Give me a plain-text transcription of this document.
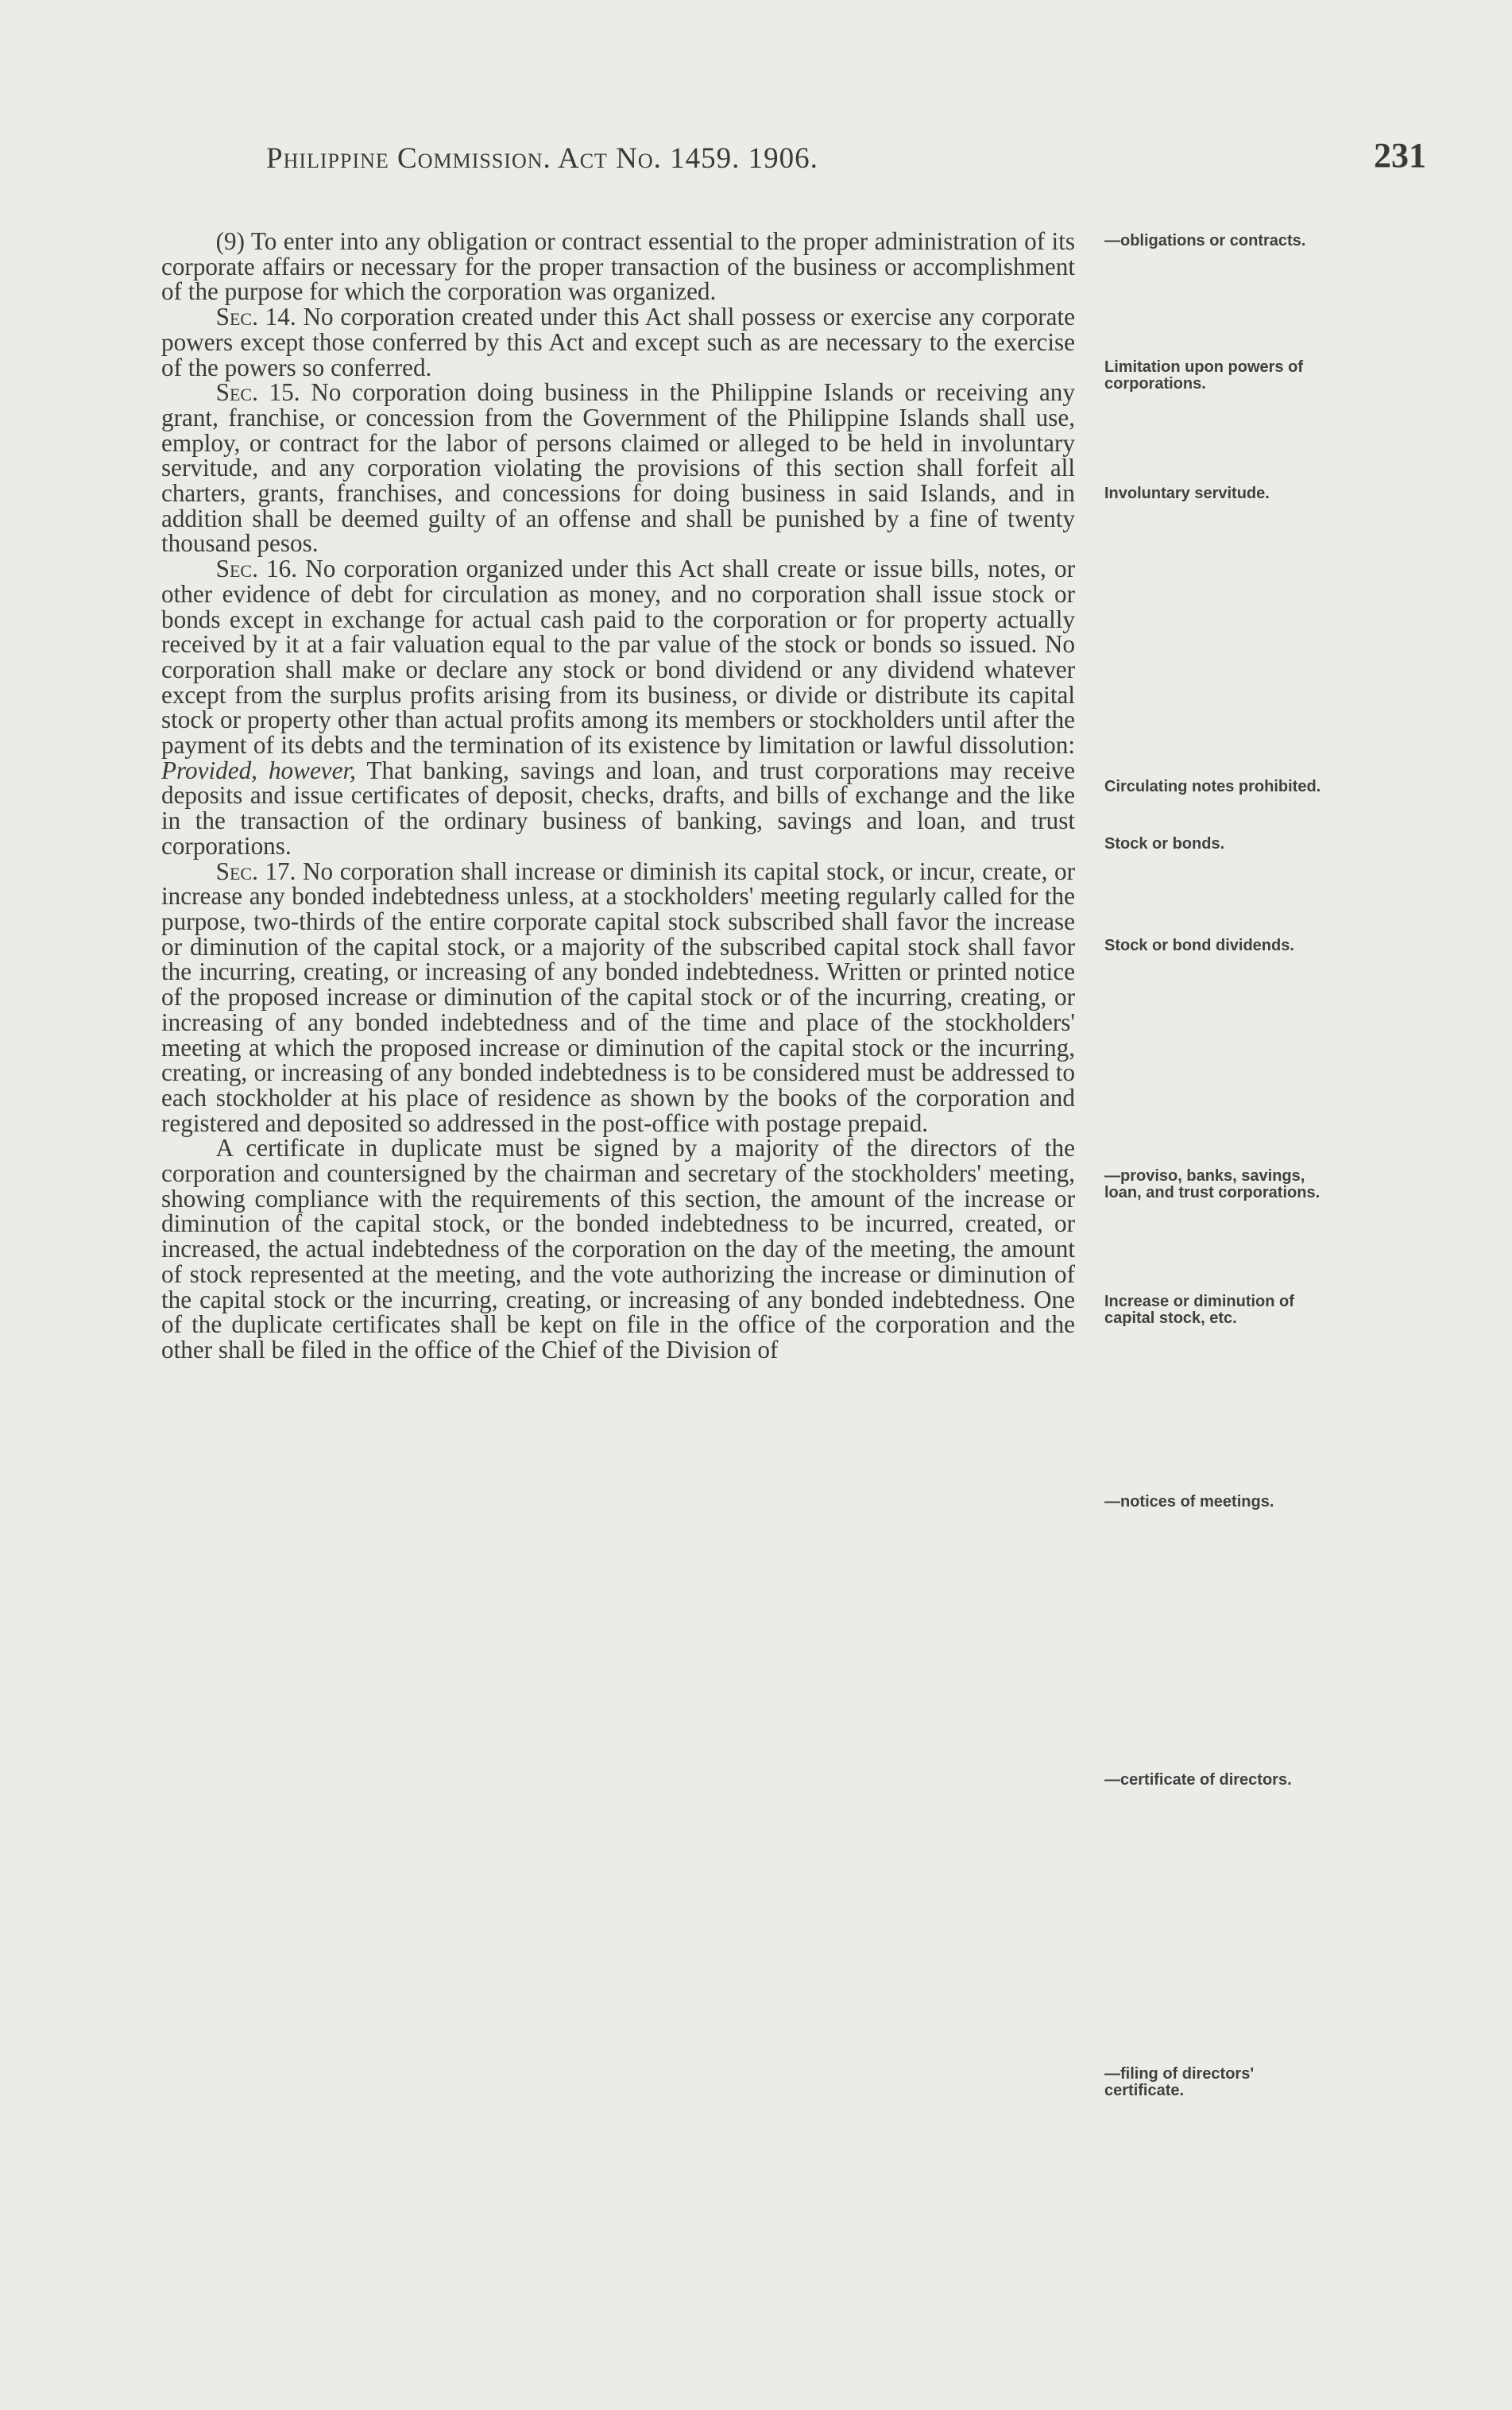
Philippine Commission. Act No. 1459. 1906.	231

(9) To enter into any obligation or contract essential to the proper administration of its corporate affairs or necessary for the proper transaction of the business or accomplishment of the purpose for which the corporation was organized.

Sec. 14. No corporation created under this Act shall possess or exercise any corporate powers except those conferred by this Act and except such as are necessary to the exercise of the powers so conferred.

Sec. 15. No corporation doing business in the Philippine Islands or receiving any grant, franchise, or concession from the Government of the Philippine Islands shall use, employ, or contract for the labor of persons claimed or alleged to be held in involuntary servitude, and any corporation violating the provisions of this section shall forfeit all charters, grants, franchises, and concessions for doing business in said Islands, and in addition shall be deemed guilty of an offense and shall be punished by a fine of twenty thousand pesos.

Sec. 16. No corporation organized under this Act shall create or issue bills, notes, or other evidence of debt for circulation as money, and no corporation shall issue stock or bonds except in exchange for actual cash paid to the corporation or for property actually received by it at a fair valuation equal to the par value of the stock or bonds so issued. No corporation shall make or declare any stock or bond dividend or any dividend whatever except from the surplus profits arising from its business, or divide or distribute its capital stock or property other than actual profits among its members or stockholders until after the payment of its debts and the termination of its existence by limitation or lawful dissolution: Provided, however, That banking, savings and loan, and trust corporations may receive deposits and issue certificates of deposit, checks, drafts, and bills of exchange and the like in the transaction of the ordinary business of banking, savings and loan, and trust corporations.

Sec. 17. No corporation shall increase or diminish its capital stock, or incur, create, or increase any bonded indebtedness unless, at a stockholders' meeting regularly called for the purpose, two-thirds of the entire corporate capital stock subscribed shall favor the increase or diminution of the capital stock, or a majority of the subscribed capital stock shall favor the incurring, creating, or increasing of any bonded indebtedness. Written or printed notice of the proposed increase or diminution of the capital stock or of the incurring, creating, or increasing of any bonded indebtedness and of the time and place of the stockholders' meeting at which the proposed increase or diminution of the capital stock or the incurring, creating, or increasing of any bonded indebtedness is to be considered must be addressed to each stockholder at his place of residence as shown by the books of the corporation and registered and deposited so addressed in the post-office with postage prepaid.

A certificate in duplicate must be signed by a majority of the directors of the corporation and countersigned by the chairman and secretary of the stockholders' meeting, showing compliance with the requirements of this section, the amount of the increase or diminution of the capital stock, or the bonded indebtedness to be incurred, created, or increased, the actual indebtedness of the corporation on the day of the meeting, the amount of stock represented at the meeting, and the vote authorizing the increase or diminution of the capital stock or the incurring, creating, or increasing of any bonded indebtedness. One of the duplicate certificates shall be kept on file in the office of the corporation and the other shall be filed in the office of the Chief of the Division of

—obligations or contracts.
Limitation upon powers of corporations.
Involuntary servitude.
Circulating notes prohibited.
Stock or bonds.
Stock or bond dividends.
—proviso, banks, savings, loan, and trust corporations.
Increase or diminution of capital stock, etc.
—notices of meetings.
—certificate of directors.
—filing of directors' certificate.
